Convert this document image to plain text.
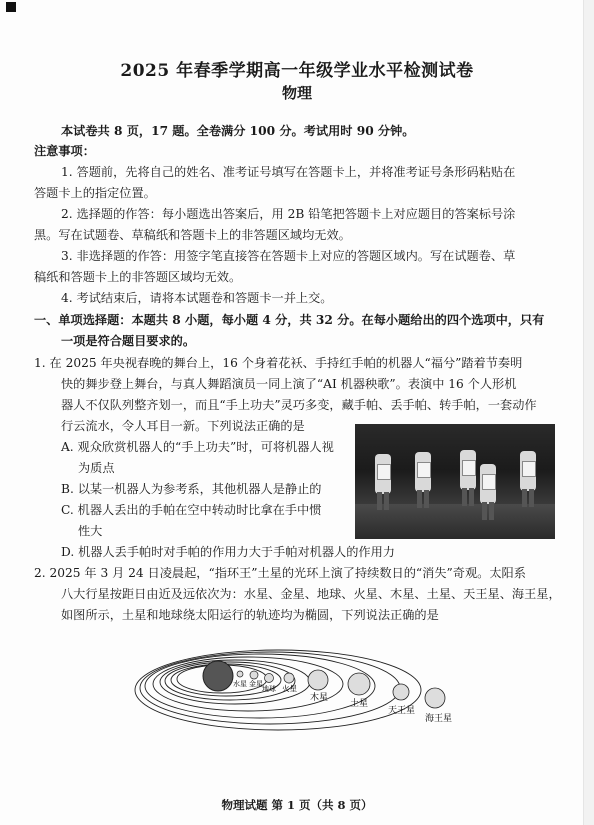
2025 年春季学期高一年级学业水平检测试卷
物理
本试卷共 8 页，17 题。全卷满分 100 分。考试用时 90 分钟。
注意事项：
1. 答题前，先将自己的姓名、准考证号填写在答题卡上，并将准考证号条形码粘贴在
答题卡上的指定位置。
2. 选择题的作答：每小题选出答案后，用 2B 铅笔把答题卡上对应题目的答案标号涂
黑。写在试题卷、草稿纸和答题卡上的非答题区域均无效。
3. 非选择题的作答：用签字笔直接答在答题卡上对应的答题区域内。写在试题卷、草
稿纸和答题卡上的非答题区域均无效。
4. 考试结束后，请将本试题卷和答题卡一并上交。
一、单项选择题：本题共 8 小题，每小题 4 分，共 32 分。在每小题给出的四个选项中，只有
一项是符合题目要求的。
1. 在 2025 年央视春晚的舞台上，16 个身着花袄、手持红手帕的机器人“福兮”踏着节奏明
快的舞步登上舞台，与真人舞蹈演员一同上演了“AI 机器秧歌”。表演中 16 个人形机
器人不仅队列整齐划一，而且“手上功夫”灵巧多变，藏手帕、丢手帕、转手帕，一套动作
行云流水，令人耳目一新。下列说法正确的是
A. 观众欣赏机器人的“手上功夫”时，可将机器人视
为质点
B. 以某一机器人为参考系，其他机器人是静止的
C. 机器人丢出的手帕在空中转动时比拿在手中惯
性大
D. 机器人丢手帕时对手帕的作用力大于手帕对机器人的作用力
2. 2025 年 3 月 24 日凌晨起，“指环王”土星的光环上演了持续数日的“消失”奇观。太阳系
八大行星按距日由近及远依次为：水星、金星、地球、火星、木星、土星、天王星、海王星，
如图所示，土星和地球绕太阳运行的轨迹均为椭圆，下列说法正确的是
水星 金星
地球 火星
木星
土星
天王星
海王星
物理试题 第 1 页（共 8 页）
